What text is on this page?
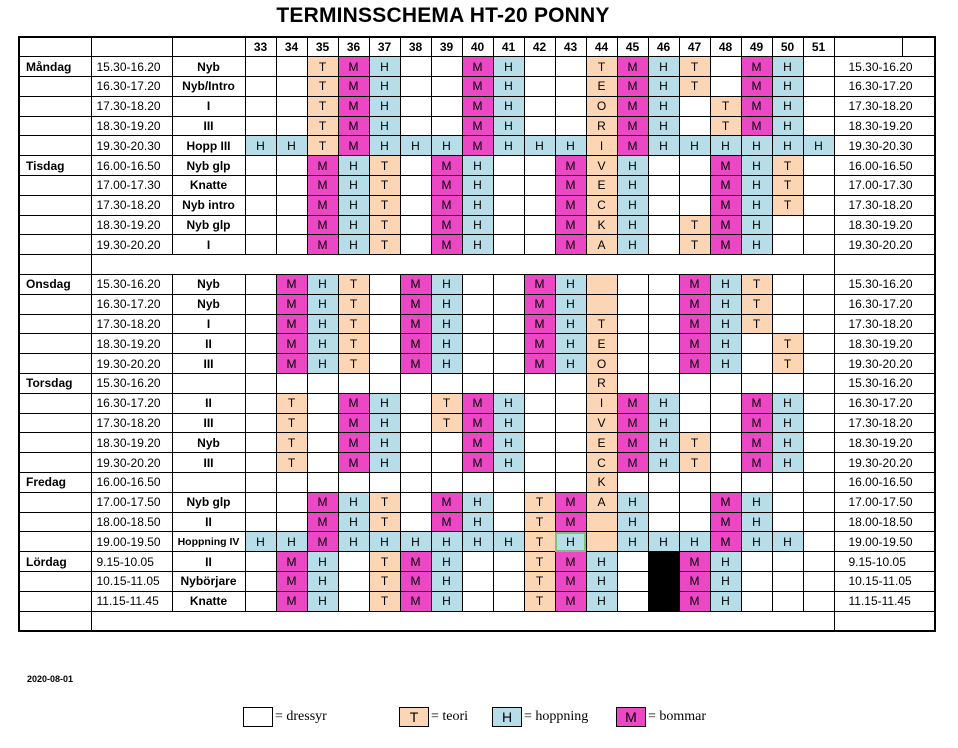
TERMINSSCHEMA HT-20 PONNY
			33	34	35	36	37	38	39	40	41	42	43	44	45	46	47	48	49	50	51		
Måndag	15.30-16.20	Nyb			T	M	H			M	H			T	M	H	T		M	H		15.30-16.20	
	16.30-17.20	Nyb/Intro			T	M	H			M	H			E	M	H	T		M	H		16.30-17.20	
	17.30-18.20	I			T	M	H			M	H			O	M	H		T	M	H		17.30-18.20	
	18.30-19.20	III			T	M	H			M	H			R	M	H		T	M	H		18.30-19.20	
	19.30-20.30	Hopp III	H	H	T	M	H	H	H	M	H	H	H	I	M	H	H	H	H	H	H	19.30-20.30	
Tisdag	16.00-16.50	Nyb glp			M	H	T		M	H			M	V	H			M	H	T		16.00-16.50	
	17.00-17.30	Knatte			M	H	T		M	H			M	E	H			M	H	T		17.00-17.30	
	17.30-18.20	Nyb intro			M	H	T		M	H			M	C	H			M	H	T		17.30-18.20	
	18.30-19.20	Nyb glp			M	H	T		M	H			M	K	H		T	M	H			18.30-19.20	
	19.30-20.20	I			M	H	T		M	H			M	A	H		T	M	H			19.30-20.20	

Onsdag	15.30-16.20	Nyb		M	H	T		M	H			M	H				M	H	T			15.30-16.20	
	16.30-17.20	Nyb		M	H	T		M	H			M	H				M	H	T			16.30-17.20	
	17.30-18.20	I		M	H	T		M	H			M	H	T			M	H	T			17.30-18.20	
	18.30-19.20	II		M	H	T		M	H			M	H	E			M	H		T		18.30-19.20	
	19.30-20.20	III		M	H	T		M	H			M	H	O			M	H		T		19.30-20.20	
Torsdag	15.30-16.20													R								15.30-16.20	
	16.30-17.20	II		T		M	H		T	M	H			I	M	H			M	H		16.30-17.20	
	17.30-18.20	III		T		M	H		T	M	H			V	M	H			M	H		17.30-18.20	
	18.30-19.20	Nyb		T		M	H			M	H			E	M	H	T		M	H		18.30-19.20	
	19.30-20.20	III		T		M	H			M	H			C	M	H	T		M	H		19.30-20.20	
Fredag	16.00-16.50													K								16.00-16.50	
	17.00-17.50	Nyb glp			M	H	T		M	H		T	M	A	H			M	H			17.00-17.50	
	18.00-18.50	II			M	H	T		M	H		T	M		H			M	H			18.00-18.50	
	19.00-19.50	Hoppning IV	H	H	M	H	H	H	H	H	H	T	H		H	H	H	M	H	H		19.00-19.50	
Lördag	9.15-10.05	II		M	H		T	M	H			T	M	H			M	H				9.15-10.05	
	10.15-11.05	Nybörjare		M	H		T	M	H			T	M	H			M	H				10.15-11.05	
	11.15-11.45	Knatte		M	H		T	M	H			T	M	H			M	H				11.15-11.45	

2020-08-01
= dressyr	T = teori	H = hoppning	M = bommar
